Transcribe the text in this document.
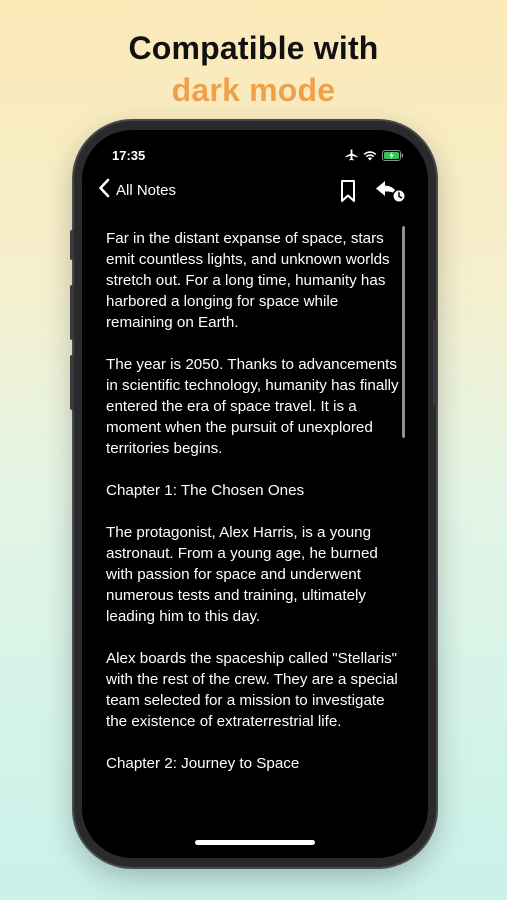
Compatible with
dark mode
17:35
All Notes

Far in the distant expanse of space, stars emit countless lights, and unknown worlds stretch out. For a long time, humanity has harbored a longing for space while remaining on Earth.

The year is 2050. Thanks to advancements in scientific technology, humanity has finally entered the era of space travel. It is a moment when the pursuit of unexplored territories begins.

Chapter 1: The Chosen Ones

The protagonist, Alex Harris, is a young astronaut. From a young age, he burned with passion for space and underwent numerous tests and training, ultimately leading him to this day.

Alex boards the spaceship called "Stellaris" with the rest of the crew. They are a special team selected for a mission to investigate the existence of extraterrestrial life.

Chapter 2: Journey to Space
